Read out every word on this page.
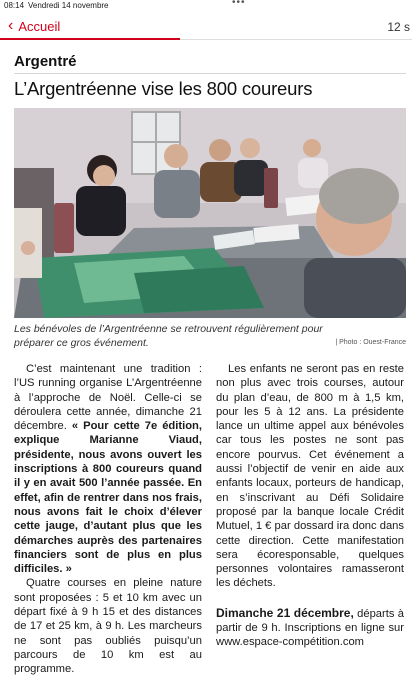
08:14 Vendredi 14 novembre	•••
‹ Accueil	12 s
Argentré
L’Argentréenne vise les 800 coureurs
Les bénévoles de l’Argentréenne se retrouvent régulièrement pour préparer ce gros événement.	| Photo : Ouest-France

C’est maintenant une tradition : l’US running organise L’Argentréenne à l’approche de Noël. Celle-ci se déroulera cette année, dimanche 21 décembre. « Pour cette 7e édition, explique Marianne Viaud, présidente, nous avons ouvert les inscriptions à 800 coureurs quand il y en avait 500 l’année passée. En effet, afin de rentrer dans nos frais, nous avons fait le choix d’élever cette jauge, d’autant plus que les démarches auprès des partenaires financiers sont de plus en plus difficiles. »

Quatre courses en pleine nature sont proposées : 5 et 10 km avec un départ fixé à 9 h 15 et des distances de 17 et 25 km, à 9 h. Les marcheurs ne sont pas oubliés puisqu’un parcours de 10 km est au programme.

Les enfants ne seront pas en reste non plus avec trois courses, autour du plan d’eau, de 800 m à 1,5 km, pour les 5 à 12 ans. La présidente lance un ultime appel aux bénévoles car tous les postes ne sont pas encore pourvus. Cet événement a aussi l’objectif de venir en aide aux enfants locaux, porteurs de handicap, en s’inscrivant au Défi Solidaire proposé par la banque locale Crédit Mutuel, 1 € par dossard ira donc dans cette direction. Cette manifestation sera écoresponsable, quelques personnes volontaires ramasseront les déchets.

Dimanche 21 décembre, départs à partir de 9 h. Inscriptions en ligne sur www.espace-compétition.com
